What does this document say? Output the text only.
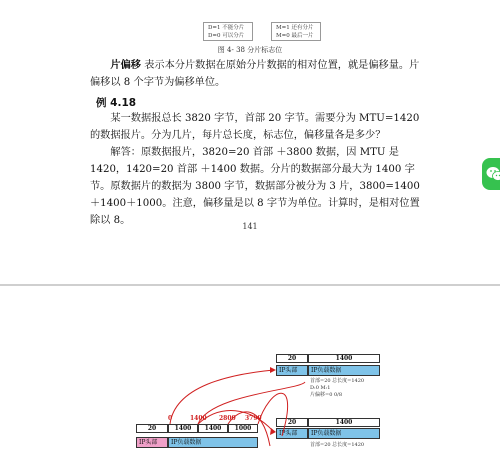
D=1 不能分片
D=0 可以分片
M=1 还有分片
M=0 最后一片
图 4- 38 分片标志位
片偏移 表示本分片数据在原始分片数据的相对位置，就是偏移量。片偏移以 8 个字节为偏移单位。
例 4.18
某一数据报总长 3820 字节，首部 20 字节。需要分为 MTU=1420 的数据报片。分为几片，每片总长度，标志位，偏移量各是多少？
解答：原数据报片，3820=20 首部 ＋3800 数据，因 MTU 是 1420，1420=20 首部 ＋1400 数据。分片的数据部分最大为 1400 字节。原数据片的数据为 3800 字节，数据部分被分为 3 片，3800=1400＋1400＋1000。注意，偏移量是以 8 字节为单位。计算时，是相对位置除以 8。
141
20	1400
IP头部	IP负载数据
首部=20 总长度=1420
D:0 M:1
片偏移=0 0/8
20	1400
IP头部	IP负载数据
首部=20 总长度=1420
0	1400 2800 3799
20	1400	1400	1000
IP头部	IP负载数据
